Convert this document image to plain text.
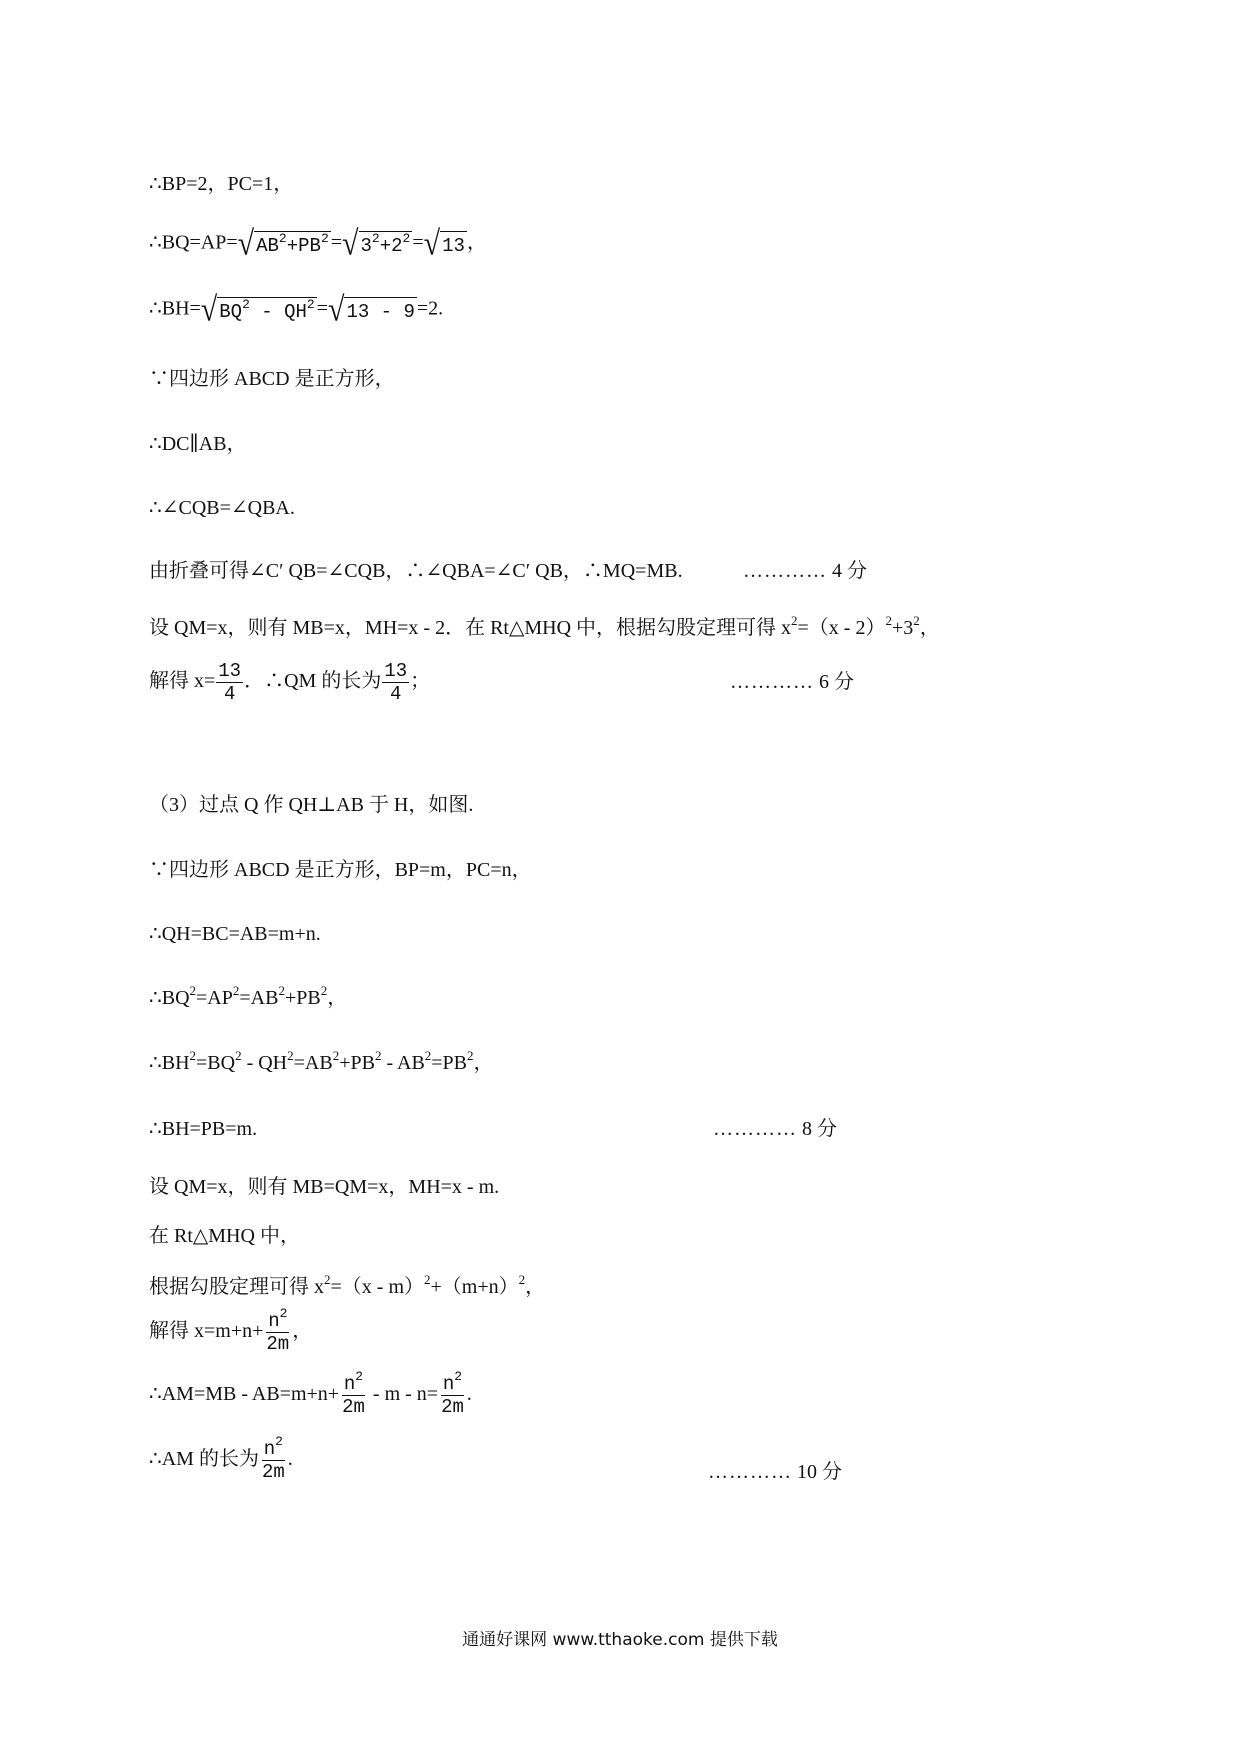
∴BP=2，PC=1，
∴BQ=AP=√ $AB^2+PB^2$ =√ $3^2+2^2$ =√ 13 ，
∴BH=√ $BQ^2 - QH^2$ =√ 13 - 9 =2.
∵四边形 ABCD 是正方形，
∴DC∥AB，
∴∠CQB=∠QBA.
由折叠可得∠C′ QB=∠CQB，∴∠QBA=∠C′ QB，∴MQ=MB.	………… 4 分
设 QM=x，则有 MB=x，MH=x - 2．在 Rt△MHQ 中，根据勾股定理可得 $x^2=(x - 2)^2+3^2$，
解得 $x= \frac{13}{4}$ ．∴QM 的长为 $\frac{13}{4}$ ；	………… 6 分
（3）过点 Q 作 QH⊥AB 于 H，如图.
∵四边形 ABCD 是正方形，BP=m，PC=n，
∴QH=BC=AB=m+n.
$\therefore BQ^2=AP^2=AB^2+PB^2$，
$\therefore BH^2=BQ^2 - QH^2=AB^2+PB^2 - AB^2=PB^2$，
∴BH=PB=m.	………… 8 分
设 QM=x，则有 MB=QM=x，MH=x - m.
在 Rt△MHQ 中，
根据勾股定理可得 $x^2=(x - m)^2+(m+n)^2$，
解得 $x=m+n+ \frac{n^2}{2m}$ ，
∴AM=MB - $AB=m+n+ \frac{n^2}{2m} - m - n= \frac{n^2}{2m}$ .
∴AM 的长为 $\frac{n^2}{2m}$ .
………… 10 分
通通好课网 www.tthaoke.com 提供下载
